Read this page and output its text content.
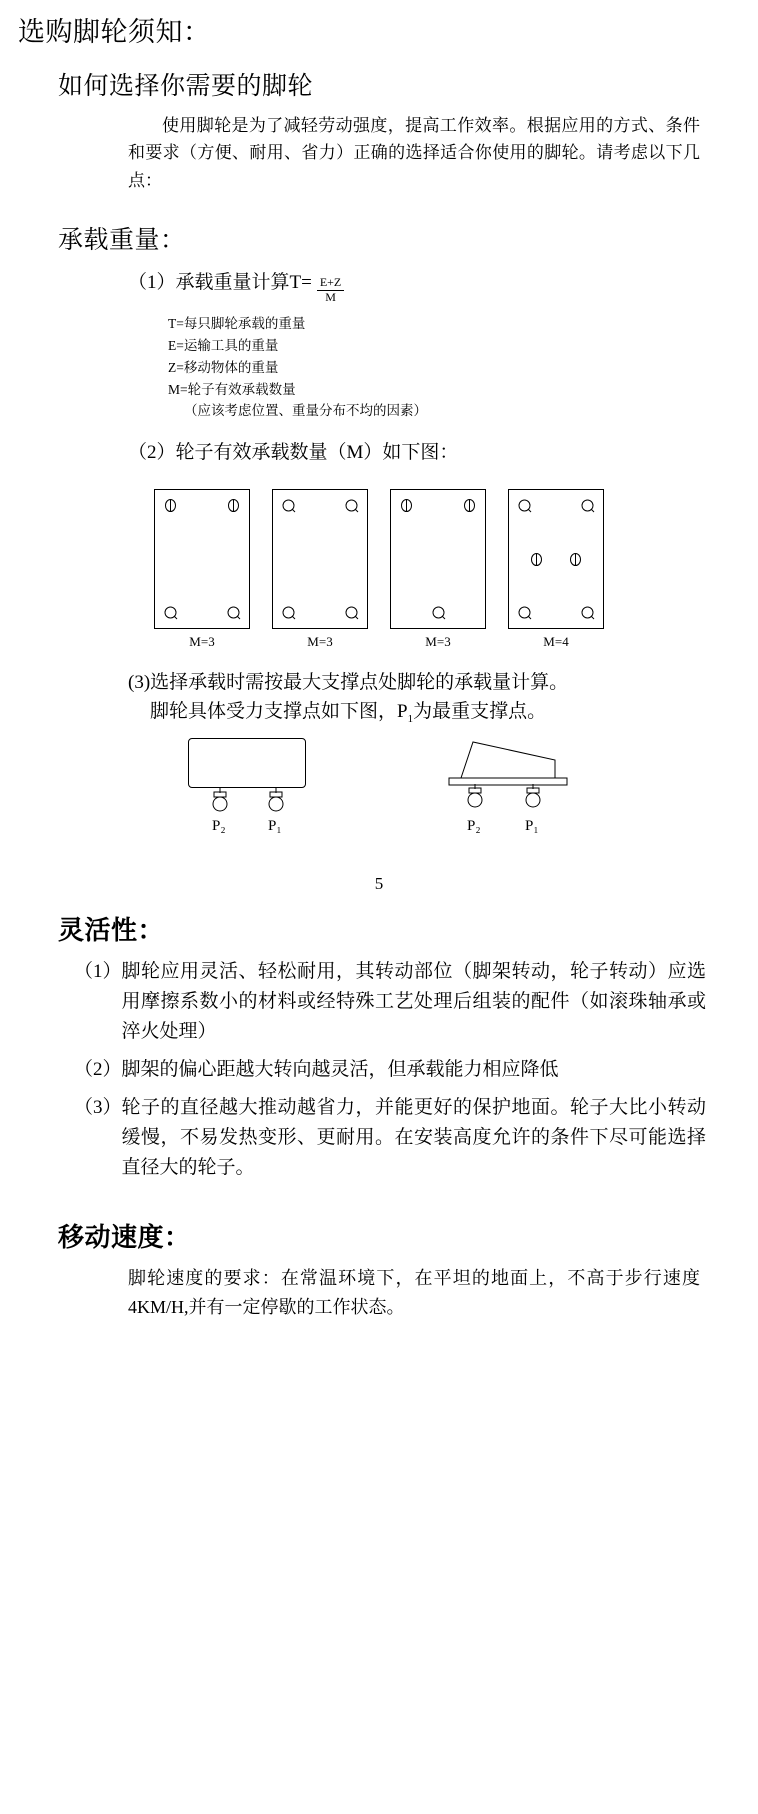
选购脚轮须知：
如何选择你需要的脚轮

使用脚轮是为了减轻劳动强度，提高工作效率。根据应用的方式、条件和要求（方便、耐用、省力）正确的选择适合你使用的脚轮。请考虑以下几点：

承载重量：
（1）承载重量计算$T= \frac{E+Z}{M}$
T=每只脚轮承载的重量
E=运输工具的重量
Z=移动物体的重量
M=轮子有效承载数量
（应该考虑位置、重量分布不均的因素）
（2）轮子有效承载数量（M）如下图：
M=3	M=3	M=3	M=4
(3)选择承载时需按最大支撑点处脚轮的承载量计算。
脚轮具体受力支撑点如下图，$P_1$为最重支撑点。
P₂	P₁	P₂	P₁
5
灵活性：
（1） 脚轮应用灵活、轻松耐用，其转动部位（脚架转动，轮子转动）应选用摩擦系数小的材料或经特殊工艺处理后组装的配件（如滚珠轴承或淬火处理）
（2） 脚架的偏心距越大转向越灵活，但承载能力相应降低
（3） 轮子的直径越大推动越省力，并能更好的保护地面。轮子大比小转动缓慢，不易发热变形、更耐用。在安装高度允许的条件下尽可能选择直径大的轮子。
移动速度：

脚轮速度的要求：在常温环境下，在平坦的地面上，不高于步行速度4KM/H,并有一定停歇的工作状态。
